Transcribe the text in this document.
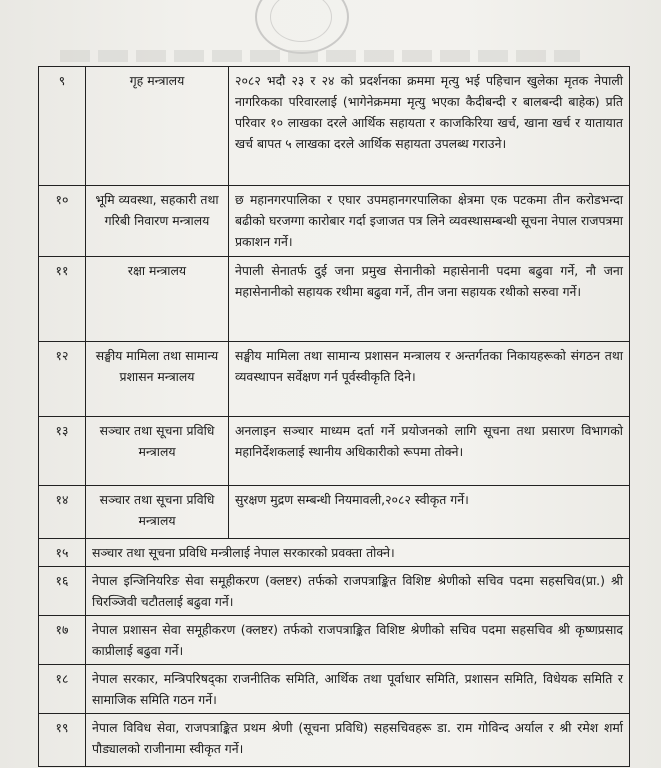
९	गृह मन्त्रालय	२०८२ भदौ २३ र २४ को प्रदर्शनका क्रममा मृत्यु भई पहिचान खुलेका मृतक नेपाली नागरिकका परिवारलाई (भागेनेक्रममा मृत्यु भएका कैदीबन्दी र बालबन्दी बाहेक) प्रति परिवार १० लाखका दरले आर्थिक सहायता र काजकिरिया खर्च, खाना खर्च र यातायात खर्च बापत ५ लाखका दरले आर्थिक सहायता उपलब्ध गराउने।
१०	भूमि व्यवस्था, सहकारी तथा गरिबी निवारण मन्त्रालय	छ महानगरपालिका र एघार उपमहानगरपालिका क्षेत्रमा एक पटकमा तीन करोडभन्दा बढीको घरजग्गा कारोबार गर्दा इजाजत पत्र लिने व्यवस्थासम्बन्धी सूचना नेपाल राजपत्रमा प्रकाशन गर्ने।
११	रक्षा मन्त्रालय	नेपाली सेनातर्फ दुई जना प्रमुख सेनानीको महासेनानी पदमा बढुवा गर्ने, नौ जना महासेनानीको सहायक रथीमा बढुवा गर्ने, तीन जना सहायक रथीको सरुवा गर्ने।
१२	सङ्घीय मामिला तथा सामान्य प्रशासन मन्त्रालय	सङ्घीय मामिला तथा सामान्य प्रशासन मन्त्रालय र अन्तर्गतका निकायहरूको संगठन तथा व्यवस्थापन सर्वेक्षण गर्न पूर्वस्वीकृति दिने।
१३	सञ्चार तथा सूचना प्रविधि मन्त्रालय	अनलाइन सञ्चार माध्यम दर्ता गर्ने प्रयोजनको लागि सूचना तथा प्रसारण विभागको महानिर्देशकलाई स्थानीय अधिकारीको रूपमा तोक्ने।
१४	सञ्चार तथा सूचना प्रविधि मन्त्रालय	सुरक्षण मुद्रण सम्बन्धी नियमावली,२०८२ स्वीकृत गर्ने।
१५	सञ्चार तथा सूचना प्रविधि मन्त्रीलाई नेपाल सरकारको प्रवक्ता तोक्ने।	
१६	नेपाल इन्जिनियरिङ सेवा समूहीकरण (क्लष्टर) तर्फको राजपत्राङ्कित विशिष्ट श्रेणीको सचिव पदमा सहसचिव(प्रा.) श्री चिरञ्जिवी चटौतलाई बढुवा गर्ने।	
१७	नेपाल प्रशासन सेवा समूहीकरण (क्लष्टर) तर्फको राजपत्राङ्कित विशिष्ट श्रेणीको सचिव पदमा सहसचिव श्री कृष्णप्रसाद काप्रीलाई बढुवा गर्ने।	
१८	नेपाल सरकार, मन्त्रिपरिषद्का राजनीतिक समिति, आर्थिक तथा पूर्वाधार समिति, प्रशासन समिति, विधेयक समिति र सामाजिक समिति गठन गर्ने।	
१९	नेपाल विविध सेवा, राजपत्राङ्कित प्रथम श्रेणी (सूचना प्रविधि) सहसचिवहरू डा. राम गोविन्द अर्याल र श्री रमेश शर्मा पौड्यालको राजीनामा स्वीकृत गर्ने।	
